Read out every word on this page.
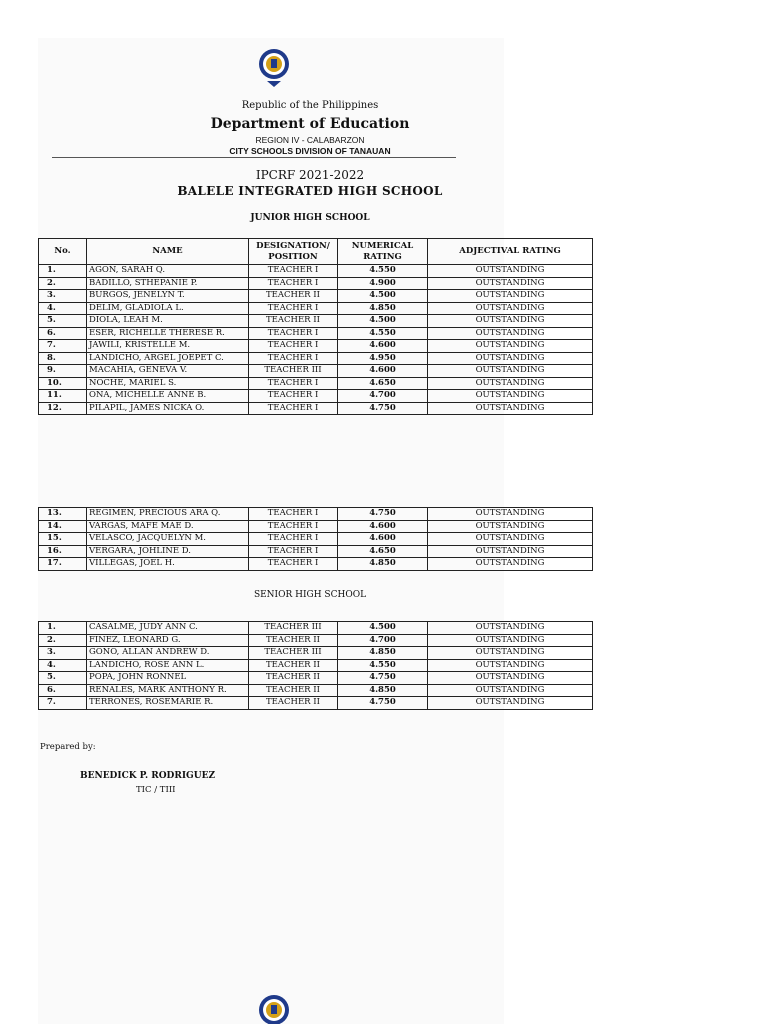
Republic of the Philippines
Department of Education
REGION IV - CALABARZON
CITY SCHOOLS DIVISION OF TANAUAN
IPCRF 2021-2022
BALELE INTEGRATED HIGH SCHOOL
JUNIOR HIGH SCHOOL
No.	NAME	DESIGNATION/ POSITION	NUMERICAL RATING	ADJECTIVAL RATING
1.	AGON, SARAH Q.	TEACHER I	4.550	OUTSTANDING
2.	BADILLO, STHEPANIE P.	TEACHER I	4.900	OUTSTANDING
3.	BURGOS, JENELYN T.	TEACHER II	4.500	OUTSTANDING
4.	DELIM, GLADIOLA L.	TEACHER I	4.850	OUTSTANDING
5.	DIOLA, LEAH M.	TEACHER II	4.500	OUTSTANDING
6.	ESER, RICHELLE THERESE R.	TEACHER I	4.550	OUTSTANDING
7.	JAWILI, KRISTELLE M.	TEACHER I	4.600	OUTSTANDING
8.	LANDICHO, ARGEL JOEPET C.	TEACHER I	4.950	OUTSTANDING
9.	MACAHIA, GENEVA V.	TEACHER III	4.600	OUTSTANDING
10.	NOCHE, MARIEL S.	TEACHER I	4.650	OUTSTANDING
11.	ONA, MICHELLE ANNE B.	TEACHER I	4.700	OUTSTANDING
12.	PILAPIL, JAMES NICKA O.	TEACHER I	4.750	OUTSTANDING
13.	REGIMEN, PRECIOUS ARA Q.	TEACHER I	4.750	OUTSTANDING
14.	VARGAS, MAFE MAE D.	TEACHER I	4.600	OUTSTANDING
15.	VELASCO, JACQUELYN M.	TEACHER I	4.600	OUTSTANDING
16.	VERGARA, JOHLINE D.	TEACHER I	4.650	OUTSTANDING
17.	VILLEGAS, JOEL H.	TEACHER I	4.850	OUTSTANDING
SENIOR HIGH SCHOOL
1.	CASALME, JUDY ANN C.	TEACHER III	4.500	OUTSTANDING
2.	FINEZ, LEONARD G.	TEACHER II	4.700	OUTSTANDING
3.	GONO, ALLAN ANDREW D.	TEACHER III	4.850	OUTSTANDING
4.	LANDICHO, ROSE ANN L.	TEACHER II	4.550	OUTSTANDING
5.	POPA, JOHN RONNEL	TEACHER II	4.750	OUTSTANDING
6.	RENALES, MARK ANTHONY R.	TEACHER II	4.850	OUTSTANDING
7.	TERRONES, ROSEMARIE R.	TEACHER II	4.750	OUTSTANDING
Prepared by:
BENEDICK P. RODRIGUEZ
TIC / TIII
